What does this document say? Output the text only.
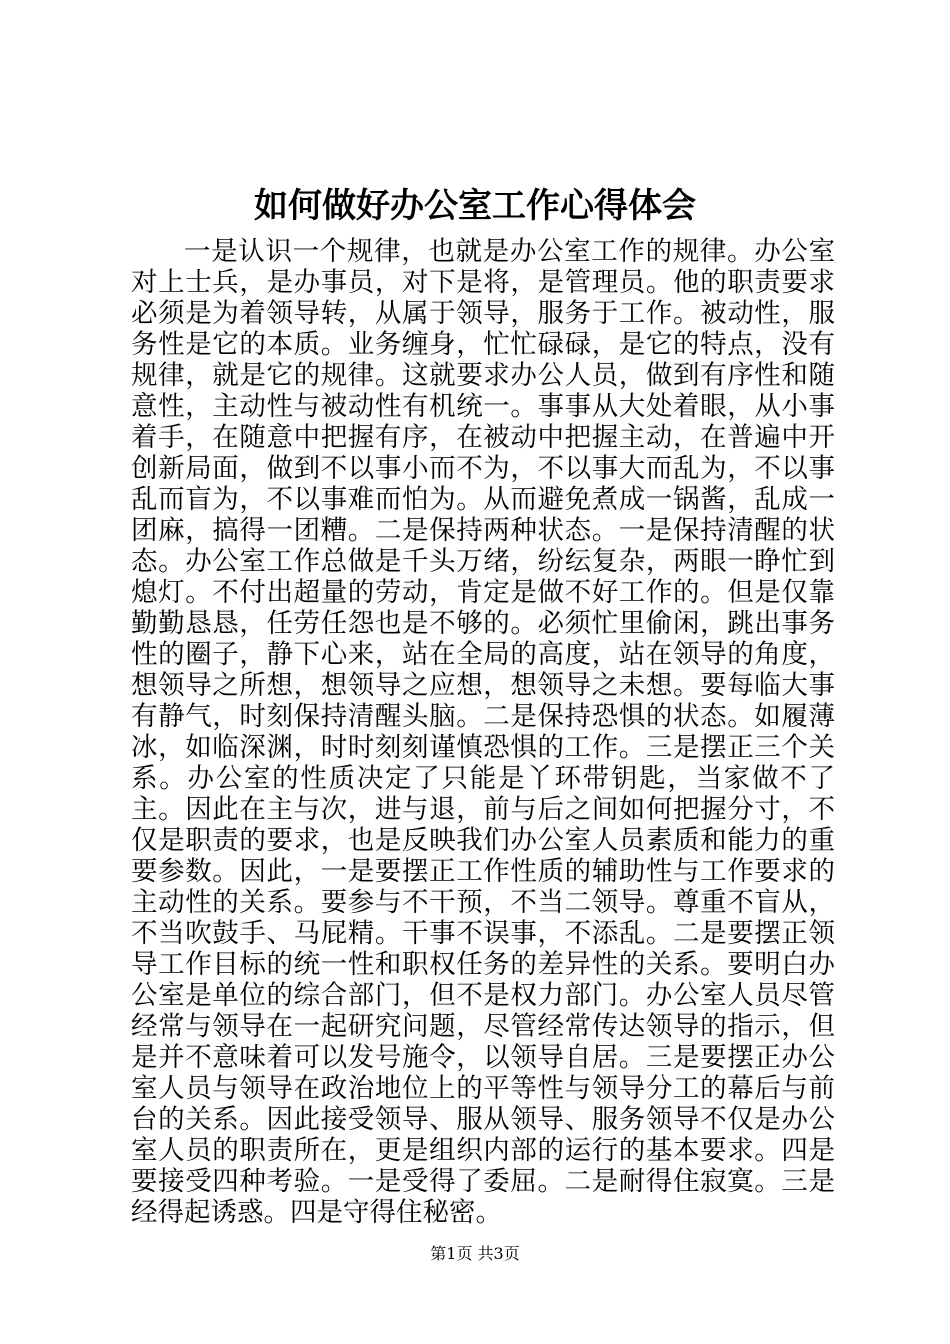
如何做好办公室工作心得体会

一是认识一个规律，也就是办公室工作的规律。办公室对上士兵，是办事员，对下是将，是管理员。他的职责要求必须是为着领导转，从属于领导，服务于工作。被动性，服务性是它的本质。业务缠身，忙忙碌碌，是它的特点，没有规律，就是它的规律。这就要求办公人员，做到有序性和随意性，主动性与被动性有机统一。事事从大处着眼，从小事着手，在随意中把握有序，在被动中把握主动，在普遍中开创新局面，做到不以事小而不为，不以事大而乱为，不以事乱而盲为，不以事难而怕为。从而避免煮成一锅酱，乱成一团麻，搞得一团糟。二是保持两种状态。一是保持清醒的状态。办公室工作总做是千头万绪，纷纭复杂，两眼一睁忙到熄灯。不付出超量的劳动，肯定是做不好工作的。但是仅靠勤勤恳恳，任劳任怨也是不够的。必须忙里偷闲，跳出事务性的圈子，静下心来，站在全局的高度，站在领导的角度，想领导之所想，想领导之应想，想领导之未想。要每临大事有静气，时刻保持清醒头脑。二是保持恐惧的状态。如履薄冰，如临深渊，时时刻刻谨慎恐惧的工作。三是摆正三个关系。办公室的性质决定了只能是丫环带钥匙，当家做不了主。因此在主与次，进与退，前与后之间如何把握分寸，不仅是职责的要求，也是反映我们办公室人员素质和能力的重要参数。因此，一是要摆正工作性质的辅助性与工作要求的主动性的关系。要参与不干预，不当二领导。尊重不盲从，不当吹鼓手、马屁精。干事不误事，不添乱。二是要摆正领导工作目标的统一性和职权任务的差异性的关系。要明白办公室是单位的综合部门，但不是权力部门。办公室人员尽管经常与领导在一起研究问题，尽管经常传达领导的指示，但是并不意味着可以发号施令，以领导自居。三是要摆正办公室人员与领导在政治地位上的平等性与领导分工的幕后与前台的关系。因此接受领导、服从领导、服务领导不仅是办公室人员的职责所在，更是组织内部的运行的基本要求。四是要接受四种考验。一是受得了委屈。二是耐得住寂寞。三是经得起诱惑。四是守得住秘密。

第1页 共3页
